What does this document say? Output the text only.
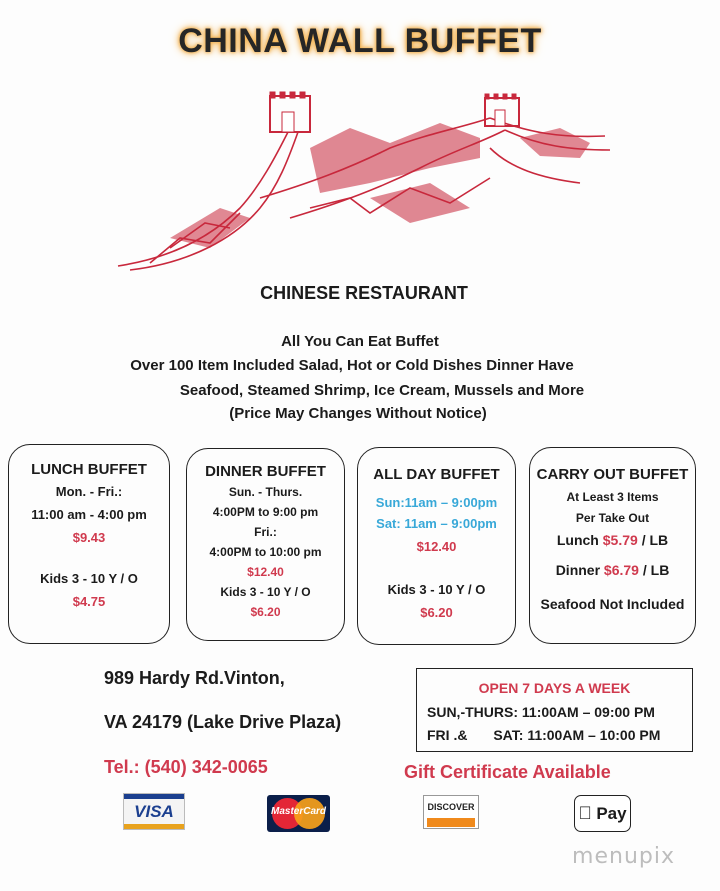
CHINA WALL BUFFET
CHINESE RESTAURANT
All You Can Eat Buffet
Over 100 Item Included Salad, Hot or Cold Dishes Dinner Have
Seafood, Steamed Shrimp, Ice Cream, Mussels and More
(Price May Changes Without Notice)
LUNCH BUFFET
Mon. - Fri.:
11:00 am - 4:00 pm
$9.43
Kids 3 - 10 Y / O
$4.75
DINNER BUFFET
Sun. - Thurs.
4:00PM to 9:00 pm
Fri.:
4:00PM to 10:00 pm
$12.40
Kids 3 - 10 Y / O
$6.20
ALL DAY BUFFET
Sun:11am – 9:00pm
Sat: 11am – 9:00pm
$12.40
Kids 3 - 10 Y / O
$6.20
CARRY OUT BUFFET
At Least 3 Items
Per Take Out
Lunch $5.79 / LB
Dinner $6.79 / LB
Seafood Not Included
989 Hardy Rd.Vinton,
VA 24179 (Lake Drive Plaza)
Tel.: (540) 342-0065
OPEN 7 DAYS A WEEK
SUN,-THURS: 11:00AM – 09:00 PM
FRI .& SAT: 11:00AM – 10:00 PM
Gift Certificate Available
VISA	MasterCard	DISCOVER	Pay
menupix
